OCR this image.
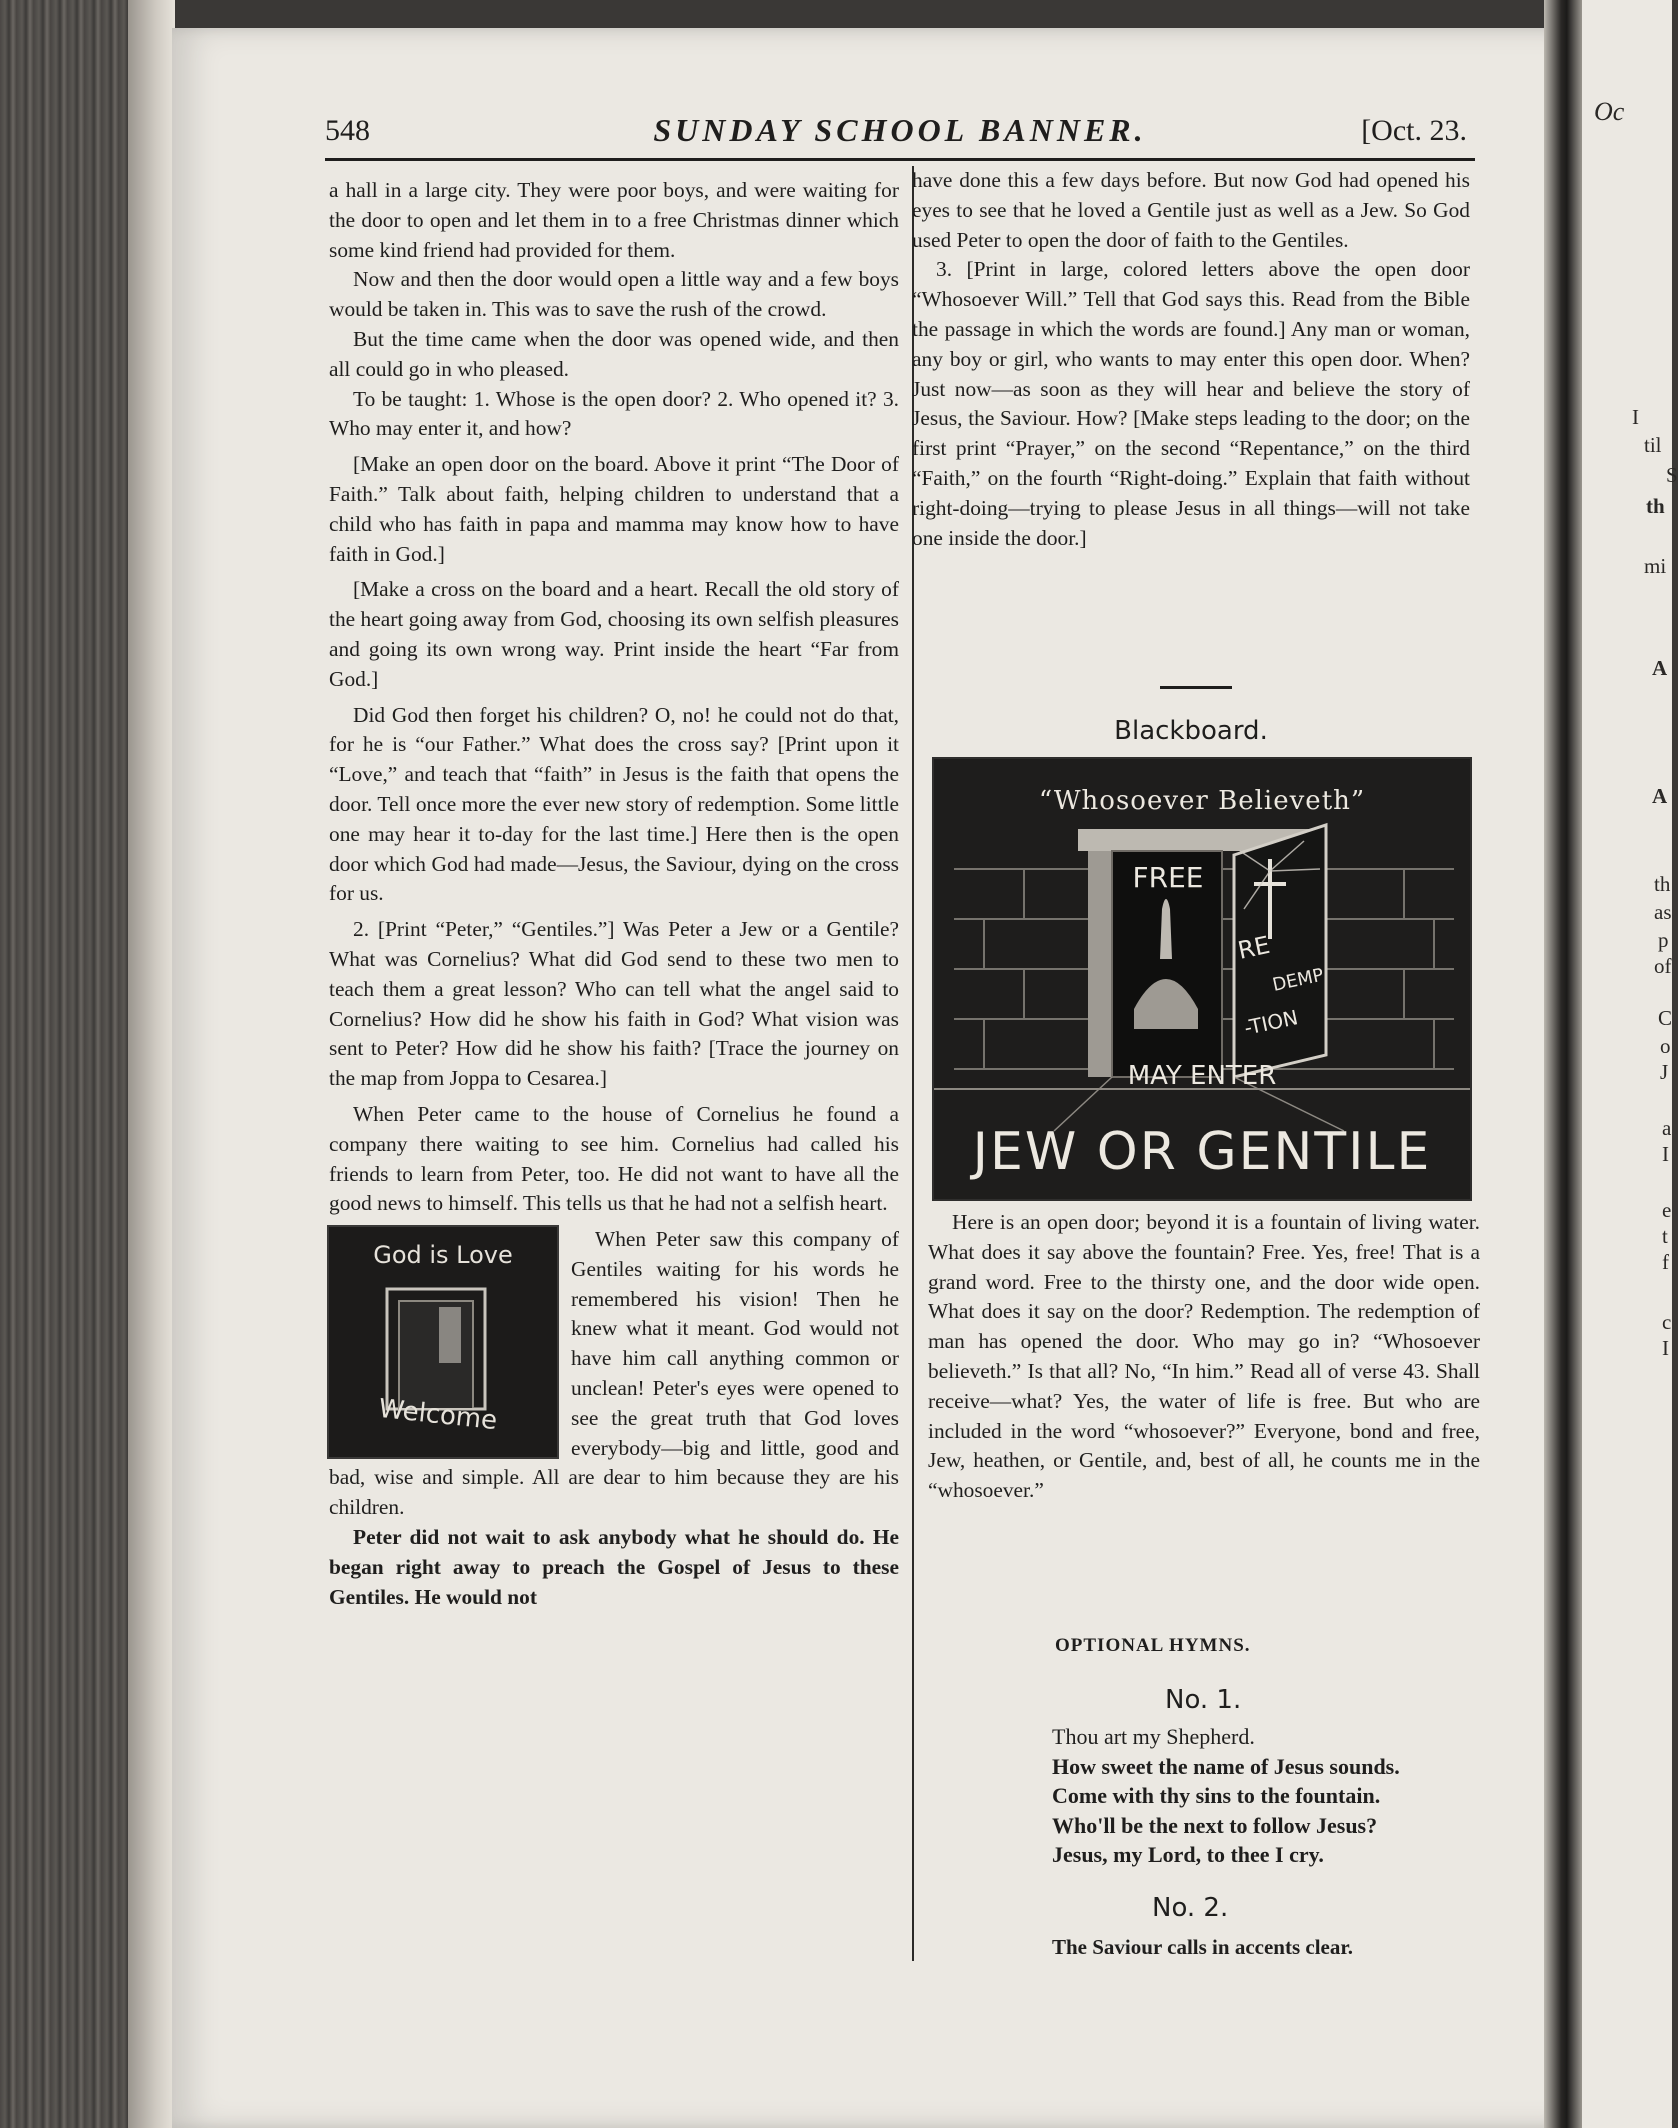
Oc
I
til
S
th
mi
A
A
th
as
p
of
C
o
J
a
I
e
t
f
c
I
548	SUNDAY SCHOOL BANNER.	[Oct. 23.

a hall in a large city. They were poor boys, and were waiting for the door to open and let them in to a free Christmas dinner which some kind friend had provided for them.

Now and then the door would open a little way and a few boys would be taken in. This was to save the rush of the crowd.

But the time came when the door was opened wide, and then all could go in who pleased.

To be taught: 1. Whose is the open door? 2. Who opened it? 3. Who may enter it, and how?

[Make an open door on the board. Above it print “The Door of Faith.” Talk about faith, helping children to understand that a child who has faith in papa and mamma may know how to have faith in God.]

[Make a cross on the board and a heart. Recall the old story of the heart going away from God, choosing its own selfish pleasures and going its own wrong way. Print inside the heart “Far from God.]

Did God then forget his children? O, no! he could not do that, for he is “our Father.” What does the cross say? [Print upon it “Love,” and teach that “faith” in Jesus is the faith that opens the door. Tell once more the ever new story of redemption. Some little one may hear it to-day for the last time.] Here then is the open door which God had made—Jesus, the Saviour, dying on the cross for us.

2. [Print “Peter,” “Gentiles.”] Was Peter a Jew or a Gentile? What was Cornelius? What did God send to these two men to teach them a great lesson? Who can tell what the angel said to Cornelius? How did he show his faith in God? What vision was sent to Peter? How did he show his faith? [Trace the journey on the map from Joppa to Cesarea.]

When Peter came to the house of Cornelius he found a company there waiting to see him. Cornelius had called his friends to learn from Peter, too. He did not want to have all the good news to himself. This tells us that he had not a selfish heart.

God is Love
Welcome

When Peter saw this company of Gentiles waiting for his words he remembered his vision! Then he knew what it meant. God would not have him call anything common or unclean! Peter's eyes were opened to see the great truth that God loves everybody—big and little, good and bad, wise and simple. All are dear to him because they are his children.

Peter did not wait to ask anybody what he should do. He began right away to preach the Gospel of Jesus to these Gentiles. He would not

have done this a few days before. But now God had opened his eyes to see that he loved a Gentile just as well as a Jew. So God used Peter to open the door of faith to the Gentiles.

3. [Print in large, colored letters above the open door “Whosoever Will.” Tell that God says this. Read from the Bible the passage in which the words are found.] Any man or woman, any boy or girl, who wants to may enter this open door. When? Just now—as soon as they will hear and believe the story of Jesus, the Saviour. How? [Make steps leading to the door; on the first print “Prayer,” on the second “Repentance,” on the third “Faith,” on the fourth “Right-doing.” Explain that faith without right-doing—trying to please Jesus in all things—will not take one inside the door.]

Blackboard.
“Whosoever Believeth”
FREE
RE
DEMP
-TION
MAY ENTER
JEW OR GENTILE

Here is an open door; beyond it is a fountain of living water. What does it say above the fountain? Free. Yes, free! That is a grand word. Free to the thirsty one, and the door wide open. What does it say on the door? Redemption. The redemption of man has opened the door. Who may go in? “Whosoever believeth.” Is that all? No, “In him.” Read all of verse 43. Shall receive—what? Yes, the water of life is free. But who are included in the word “whosoever?” Everyone, bond and free, Jew, heathen, or Gentile, and, best of all, he counts me in the “whosoever.”

OPTIONAL HYMNS.
No. 1.
Thou art my Shepherd.
How sweet the name of Jesus sounds.
Come with thy sins to the fountain.
Who'll be the next to follow Jesus?
Jesus, my Lord, to thee I cry.
No. 2.
The Saviour calls in accents clear.
